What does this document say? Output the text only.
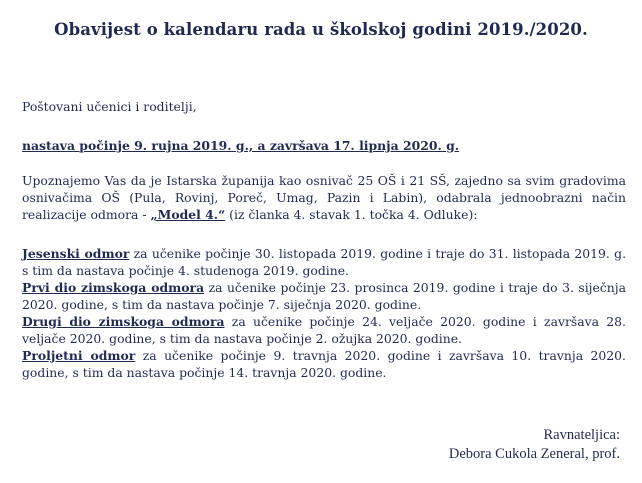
Obavijest o kalendaru rada u školskoj godini 2019./2020.
Poštovani učenici i roditelji,
nastava počinje 9. rujna 2019. g., a završava 17. lipnja 2020. g.
Upoznajemo Vas da je Istarska županija kao osnivač 25 OŠ i 21 SŠ, zajedno sa svim gradovima osnivačima OŠ (Pula, Rovinj, Poreč, Umag, Pazin i Labin), odabrala jednoobrazni način realizacije odmora - „Model 4.“ (iz članka 4. stavak 1. točka 4. Odluke):

Jesenski odmor za učenike počinje 30. listopada 2019. godine i traje do 31. listopada 2019. g. s tim da nastava počinje 4. studenoga 2019. godine.

Prvi dio zimskoga odmora za učenike počinje 23. prosinca 2019. godine i traje do 3. siječnja 2020. godine, s tim da nastava počinje 7. siječnja 2020. godine.

Drugi dio zimskoga odmora za učenike počinje 24. veljače 2020. godine i završava 28. veljače 2020. godine, s tim da nastava počinje 2. ožujka 2020. godine.

Proljetni odmor za učenike počinje 9. travnja 2020. godine i završava 10. travnja 2020. godine, s tim da nastava počinje 14. travnja 2020. godine.

Ravnateljica:
Debora Cukola Zeneral, prof.
